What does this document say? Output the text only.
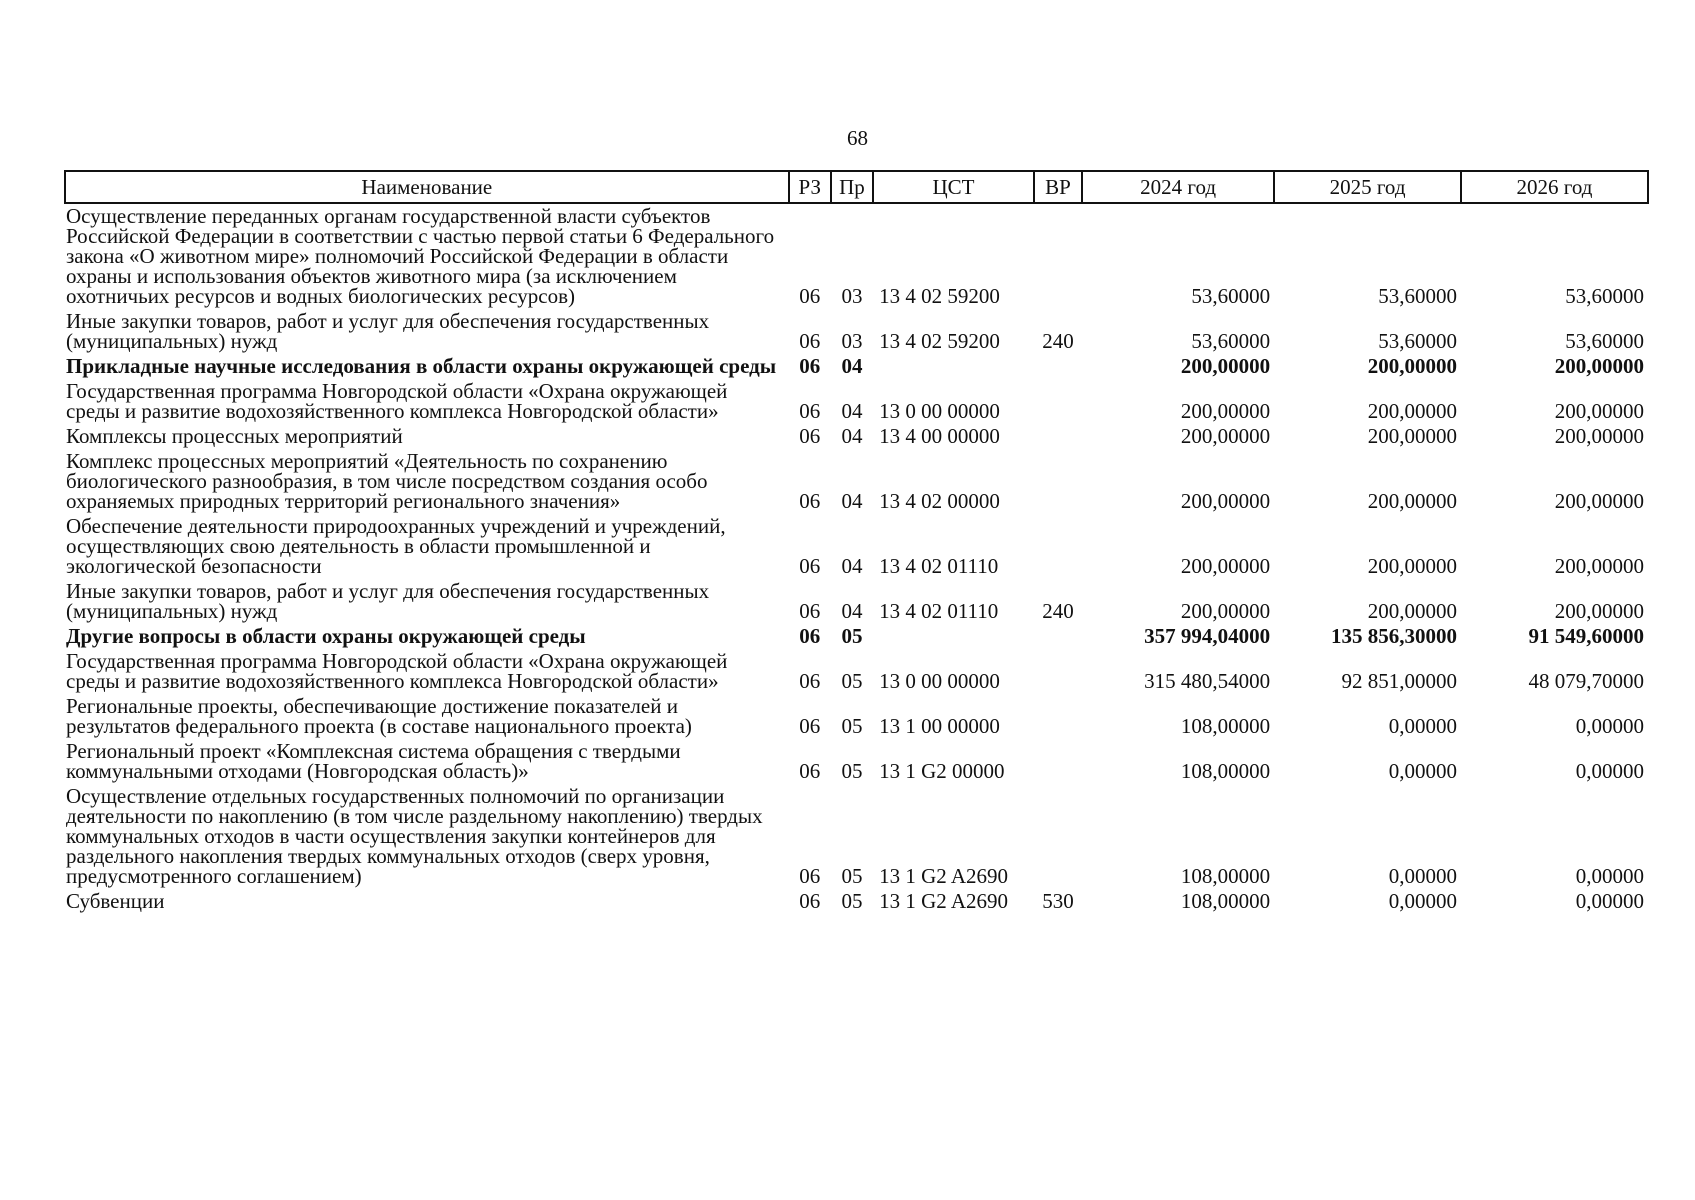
68
Наименование	РЗ	Пр	ЦСТ	ВР	2024 год	2025 год	2026 год
Осуществление переданных органам государственной власти субъектов Российской Федерации в соответствии с частью первой статьи 6 Федерального закона «О животном мире» полномочий Российской Федерации в области охраны и использования объектов животного мира (за исключением охотничьих ресурсов и водных биологических ресурсов)	06	03	13 4 02 59200		53,60000	53,60000	53,60000
Иные закупки товаров, работ и услуг для обеспечения государственных (муниципальных) нужд	06	03	13 4 02 59200	240	53,60000	53,60000	53,60000
Прикладные научные исследования в области охраны окружающей среды	06	04			200,00000	200,00000	200,00000
Государственная программа Новгородской области «Охрана окружающей среды и развитие водохозяйственного комплекса Новгородской области»	06	04	13 0 00 00000		200,00000	200,00000	200,00000
Комплексы процессных мероприятий	06	04	13 4 00 00000		200,00000	200,00000	200,00000
Комплекс процессных мероприятий «Деятельность по сохранению биологического разнообразия, в том числе посредством создания особо охраняемых природных территорий регионального значения»	06	04	13 4 02 00000		200,00000	200,00000	200,00000
Обеспечение деятельности природоохранных учреждений и учреждений, осуществляющих свою деятельность в области промышленной и экологической безопасности	06	04	13 4 02 01110		200,00000	200,00000	200,00000
Иные закупки товаров, работ и услуг для обеспечения государственных (муниципальных) нужд	06	04	13 4 02 01110	240	200,00000	200,00000	200,00000
Другие вопросы в области охраны окружающей среды	06	05			357 994,04000	135 856,30000	91 549,60000
Государственная программа Новгородской области «Охрана окружающей среды и развитие водохозяйственного комплекса Новгородской области»	06	05	13 0 00 00000		315 480,54000	92 851,00000	48 079,70000
Региональные проекты, обеспечивающие достижение показателей и результатов федерального проекта (в составе национального проекта)	06	05	13 1 00 00000		108,00000	0,00000	0,00000
Региональный проект «Комплексная система обращения с твердыми коммунальными отходами (Новгородская область)»	06	05	13 1 G2 00000		108,00000	0,00000	0,00000
Осуществление отдельных государственных полномочий по организации деятельности по накоплению (в том числе раздельному накоплению) твердых коммунальных отходов в части осуществления закупки контейнеров для раздельного накопления твердых коммунальных отходов (сверх уровня, предусмотренного соглашением)	06	05	13 1 G2 A2690		108,00000	0,00000	0,00000
Субвенции	06	05	13 1 G2 A2690	530	108,00000	0,00000	0,00000
